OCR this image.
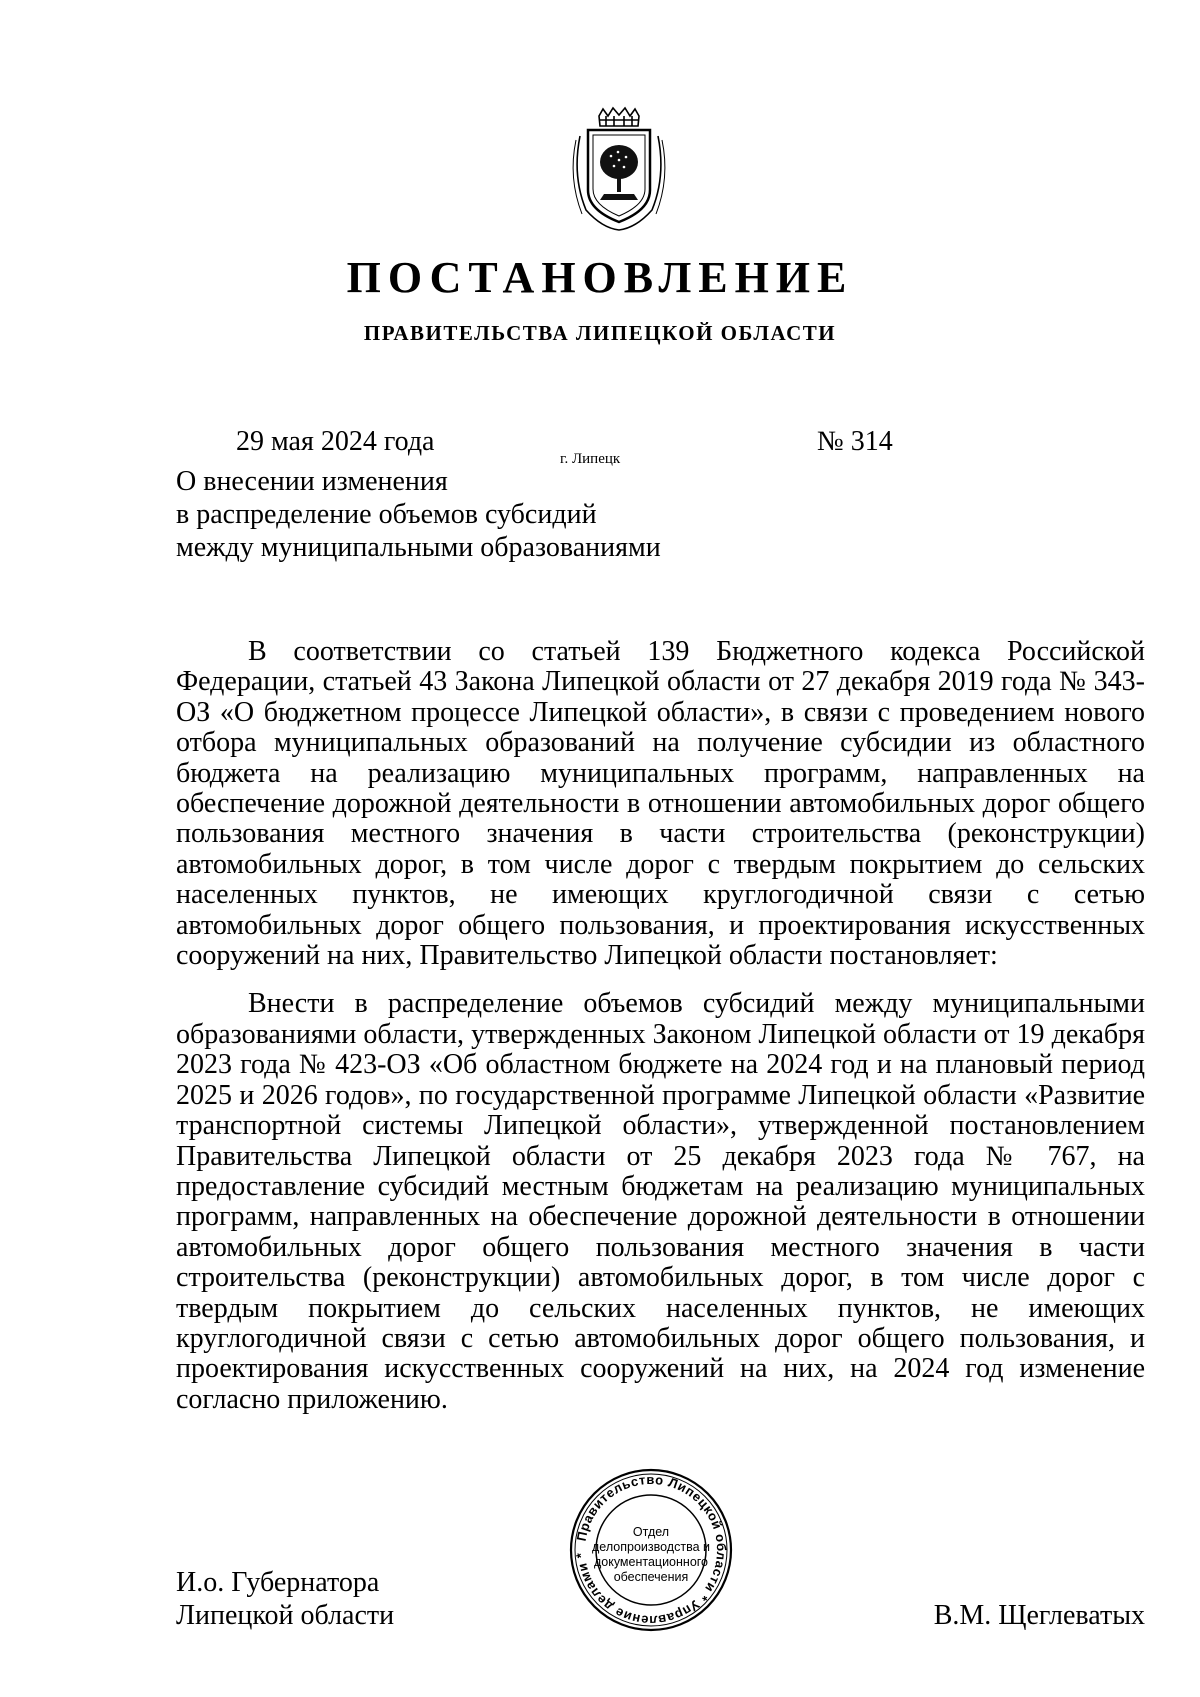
ПОСТАНОВЛЕНИЕ
ПРАВИТЕЛЬСТВА ЛИПЕЦКОЙ ОБЛАСТИ
29 мая 2024 года
г. Липецк
№ 314
О внесении изменения
в распределение объемов субсидий
между муниципальными образованиями

В соответствии со статьей 139 Бюджетного кодекса Российской Федерации, статьей 43 Закона Липецкой области от 27 декабря 2019 года № 343-ОЗ «О бюджетном процессе Липецкой области», в связи с проведением нового отбора муниципальных образований на получение субсидии из областного бюджета на реализацию муниципальных программ, направленных на обеспечение дорожной деятельности в отношении автомобильных дорог общего пользования местного значения в части строительства (реконструкции) автомобильных дорог, в том числе дорог с твердым покрытием до сельских населенных пунктов, не имеющих круглогодичной связи с сетью автомобильных дорог общего пользования, и проектирования искусственных сооружений на них, Правительство Липецкой области постановляет:

Внести в распределение объемов субсидий между муниципальными образованиями области, утвержденных Законом Липецкой области от 19 декабря 2023 года № 423-ОЗ «Об областном бюджете на 2024 год и на плановый период 2025 и 2026 годов», по государственной программе Липецкой области «Развитие транспортной системы Липецкой области», утвержденной постановлением Правительства Липецкой области от 25 декабря 2023 года № 767, на предоставление субсидий местным бюджетам на реализацию муниципальных программ, направленных на обеспечение дорожной деятельности в отношении автомобильных дорог общего пользования местного значения в части строительства (реконструкции) автомобильных дорог, в том числе дорог с твердым покрытием до сельских населенных пунктов, не имеющих круглогодичной связи с сетью автомобильных дорог общего пользования, и проектирования искусственных сооружений на них, на 2024 год изменение согласно приложению.

И.о. Губернатора
Липецкой области	В.М. Щеглеватых
Правительство Липецкой области * Управление делами *
Отдел
делопроизводства и
документационного
обеспечения
